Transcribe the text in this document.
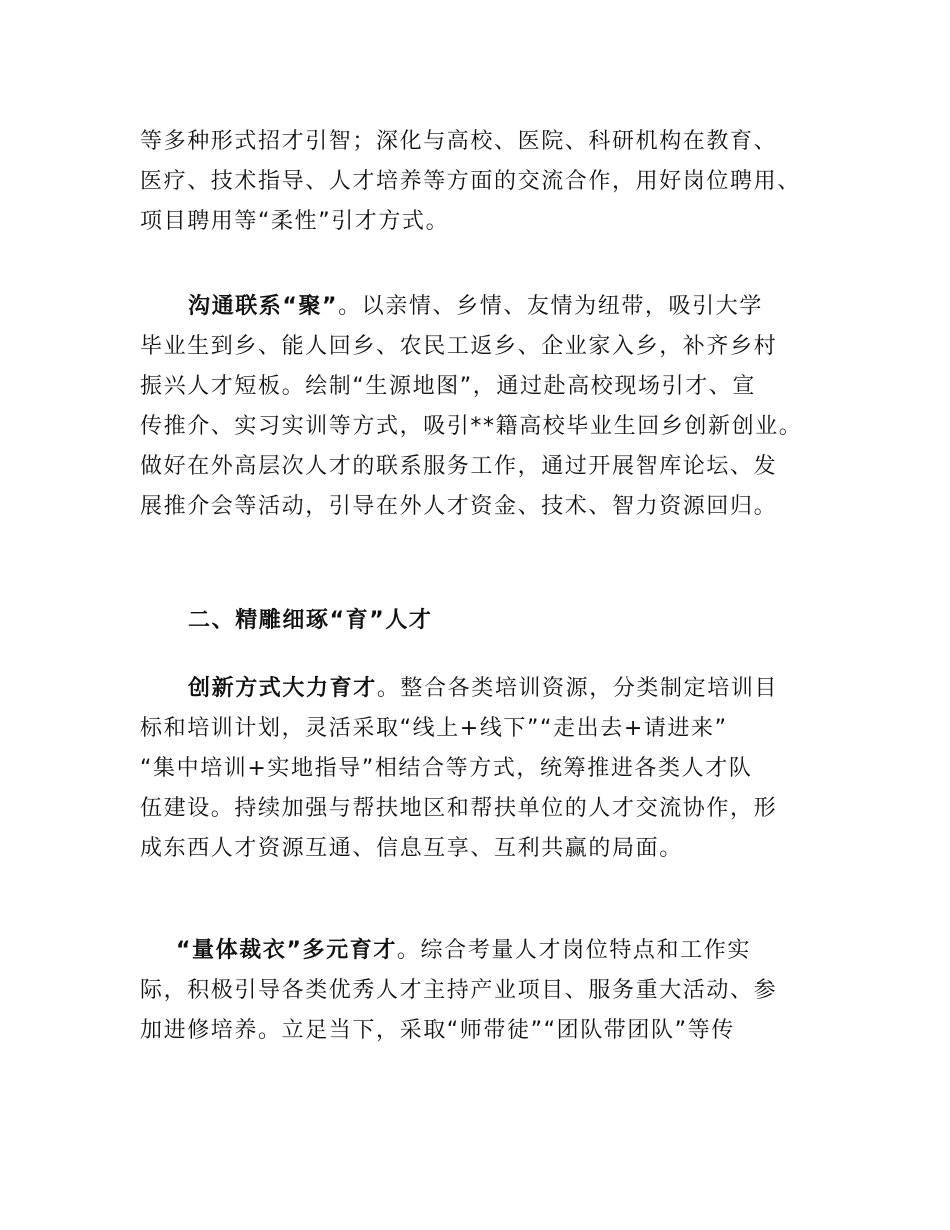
等多种形式招才引智；深化与高校、医院、科研机构在教育、
医疗、技术指导、人才培养等方面的交流合作，用好岗位聘用、
项目聘用等“柔性”引才方式。
沟通联系“聚”。以亲情、乡情、友情为纽带，吸引大学
毕业生到乡、能人回乡、农民工返乡、企业家入乡，补齐乡村
振兴人才短板。绘制“生源地图”，通过赴高校现场引才、宣
传推介、实习实训等方式，吸引**籍高校毕业生回乡创新创业。
做好在外高层次人才的联系服务工作，通过开展智库论坛、发
展推介会等活动，引导在外人才资金、技术、智力资源回归。
二、精雕细琢“育”人才
创新方式大力育才。整合各类培训资源，分类制定培训目
标和培训计划，灵活采取“线上+线下”“走出去+请进来”
“集中培训+实地指导”相结合等方式，统筹推进各类人才队
伍建设。持续加强与帮扶地区和帮扶单位的人才交流协作，形
成东西人才资源互通、信息互享、互利共赢的局面。
“量体裁衣”多元育才。综合考量人才岗位特点和工作实
际，积极引导各类优秀人才主持产业项目、服务重大活动、参
加进修培养。立足当下，采取“师带徒”“团队带团队”等传
